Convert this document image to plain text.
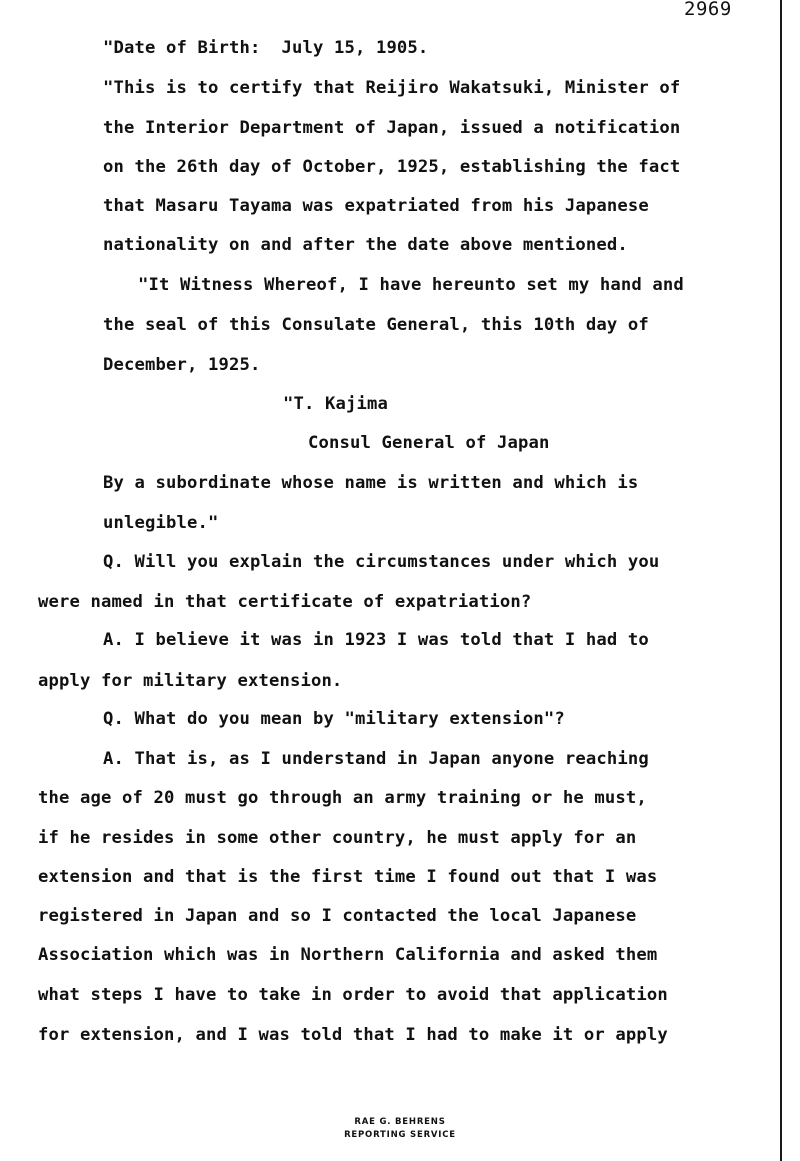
2969
"Date of Birth:  July 15, 1905.
"This is to certify that Reijiro Wakatsuki, Minister of
the Interior Department of Japan, issued a notification
on the 26th day of October, 1925, establishing the fact
that Masaru Tayama was expatriated from his Japanese
nationality on and after the date above mentioned.
"It Witness Whereof, I have hereunto set my hand and
the seal of this Consulate General, this 10th day of
December, 1925.
"T. Kajima
Consul General of Japan
By a subordinate whose name is written and which is
unlegible."
Q. Will you explain the circumstances under which you
were named in that certificate of expatriation?
A. I believe it was in 1923 I was told that I had to
apply for military extension.
Q. What do you mean by "military extension"?
A. That is, as I understand in Japan anyone reaching
the age of 20 must go through an army training or he must,
if he resides in some other country, he must apply for an
extension and that is the first time I found out that I was
registered in Japan and so I contacted the local Japanese
Association which was in Northern California and asked them
what steps I have to take in order to avoid that application
for extension, and I was told that I had to make it or apply
RAE G. BEHRENS
REPORTING SERVICE
